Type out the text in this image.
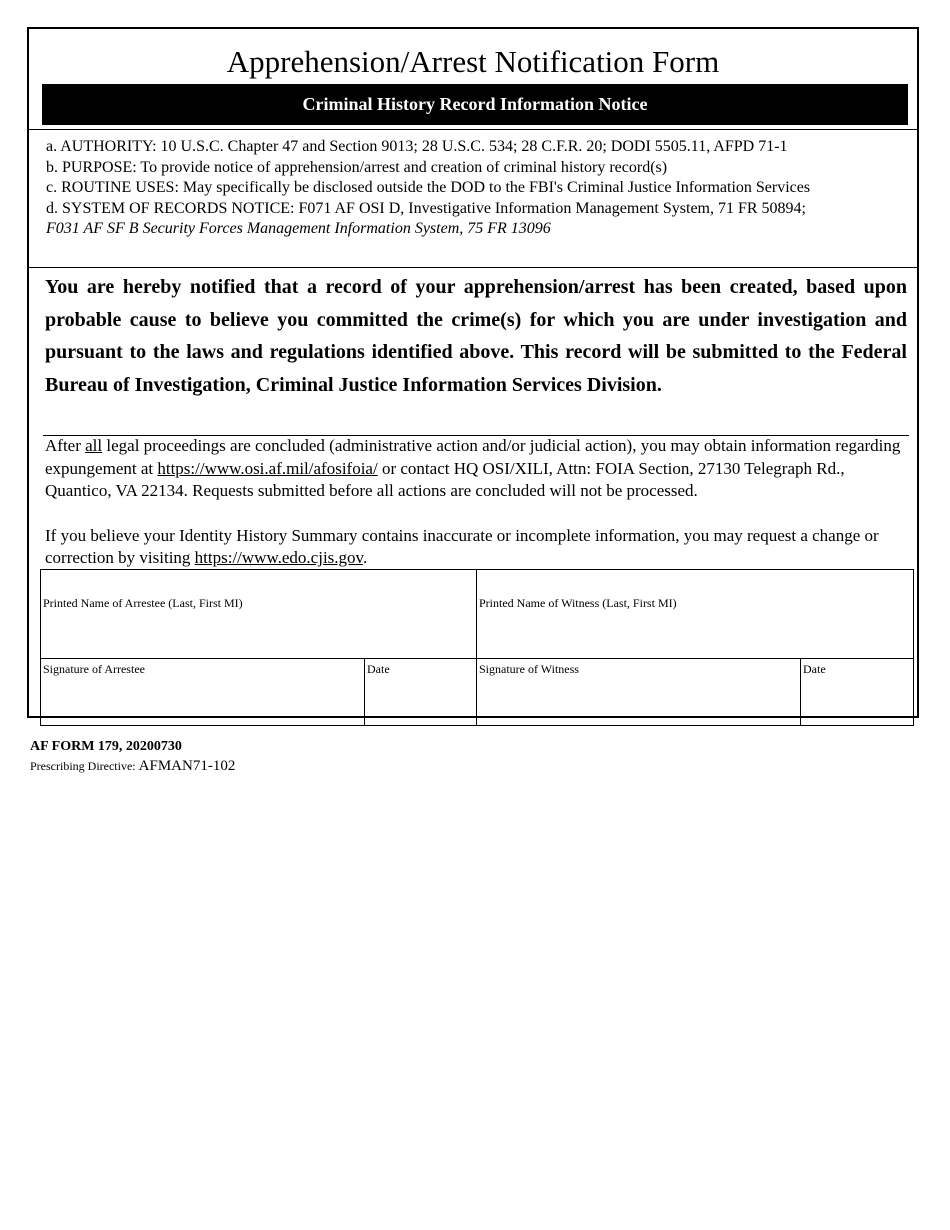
Apprehension/Arrest Notification Form
Criminal History Record Information Notice
a. AUTHORITY: 10 U.S.C. Chapter 47 and Section 9013; 28 U.S.C. 534; 28 C.F.R. 20; DODI 5505.11, AFPD 71-1
b. PURPOSE: To provide notice of apprehension/arrest and creation of criminal history record(s)
c. ROUTINE USES: May specifically be disclosed outside the DOD to the FBI's Criminal Justice Information Services
d. SYSTEM OF RECORDS NOTICE: F071 AF OSI D, Investigative Information Management System, 71 FR 50894;
F031 AF SF B Security Forces Management Information System, 75 FR 13096
You are hereby notified that a record of your apprehension/arrest has been created, based upon probable cause to believe you committed the crime(s) for which you are under investigation and pursuant to the laws and regulations identified above. This record will be submitted to the Federal Bureau of Investigation, Criminal Justice Information Services Division.

After all legal proceedings are concluded (administrative action and/or judicial action), you may obtain information regarding expungement at https://www.osi.af.mil/afosifoia/ or contact HQ OSI/XILI, Attn: FOIA Section, 27130 Telegraph Rd., Quantico, VA 22134. Requests submitted before all actions are concluded will not be processed.

If you believe your Identity History Summary contains inaccurate or incomplete information, you may request a change or correction by visiting https://www.edo.cjis.gov.

Printed Name of Arrestee (Last, First MI)		Printed Name of Witness (Last, First MI)	

Signature of Arrestee	Date	Signature of Witness	Date
AF FORM 179, 20200730
Prescribing Directive: AFMAN71-102
